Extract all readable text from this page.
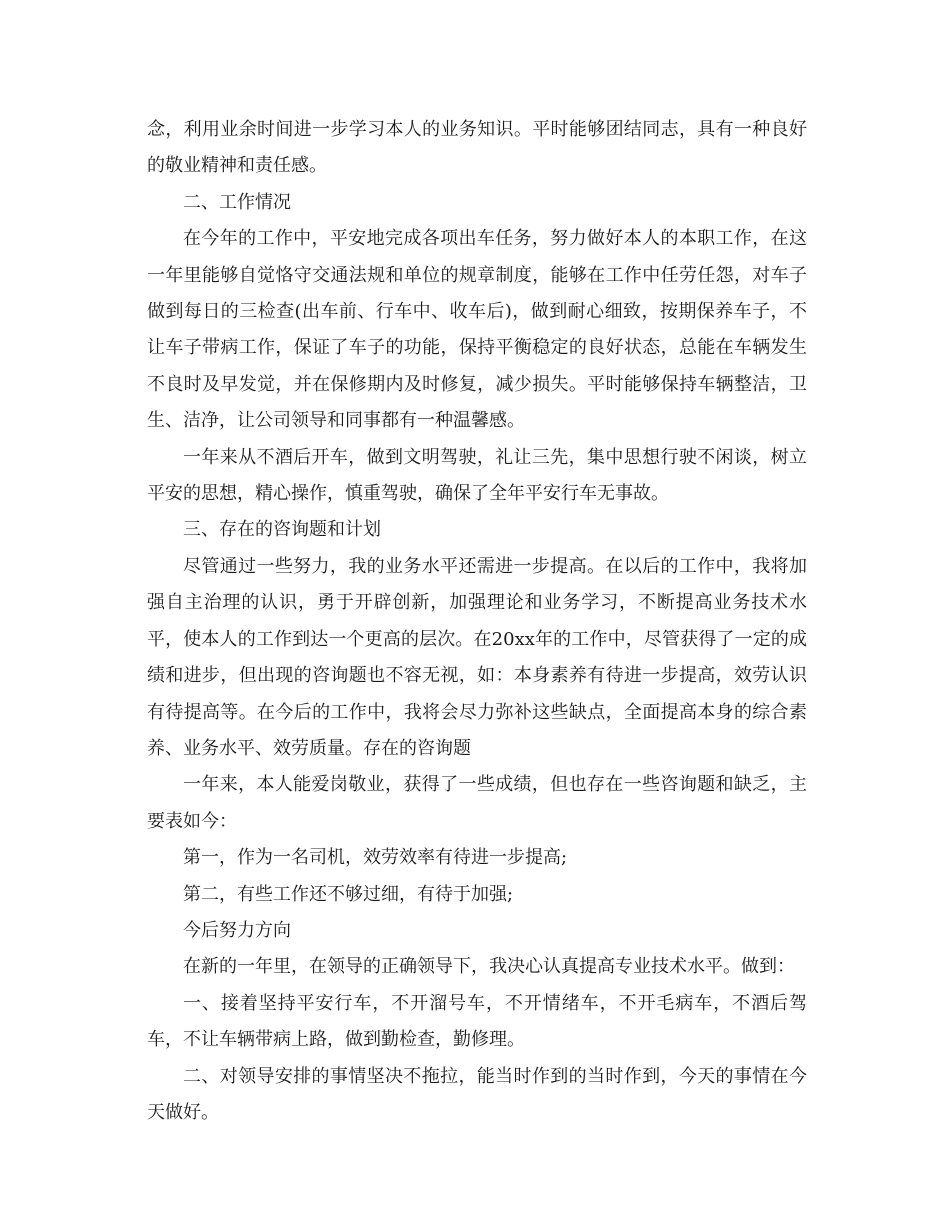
念，利用业余时间进一步学习本人的业务知识。平时能够团结同志，具有一种良好的敬业精神和责任感。

二、工作情况

在今年的工作中，平安地完成各项出车任务，努力做好本人的本职工作，在这一年里能够自觉恪守交通法规和单位的规章制度，能够在工作中任劳任怨，对车子做到每日的三检查(出车前、行车中、收车后)，做到耐心细致，按期保养车子，不让车子带病工作，保证了车子的功能，保持平衡稳定的良好状态，总能在车辆发生不良时及早发觉，并在保修期内及时修复，减少损失。平时能够保持车辆整洁，卫生、洁净，让公司领导和同事都有一种温馨感。

一年来从不酒后开车，做到文明驾驶，礼让三先，集中思想行驶不闲谈，树立平安的思想，精心操作，慎重驾驶，确保了全年平安行车无事故。

三、存在的咨询题和计划

尽管通过一些努力，我的业务水平还需进一步提高。在以后的工作中，我将加强自主治理的认识，勇于开辟创新，加强理论和业务学习，不断提高业务技术水平，使本人的工作到达一个更高的层次。在20xx年的工作中，尽管获得了一定的成绩和进步，但出现的咨询题也不容无视，如：本身素养有待进一步提高，效劳认识有待提高等。在今后的工作中，我将会尽力弥补这些缺点，全面提高本身的综合素养、业务水平、效劳质量。存在的咨询题

一年来，本人能爱岗敬业，获得了一些成绩，但也存在一些咨询题和缺乏，主要表如今：

第一，作为一名司机，效劳效率有待进一步提高;

第二，有些工作还不够过细，有待于加强;

今后努力方向

在新的一年里，在领导的正确领导下，我决心认真提高专业技术水平。做到：

一、接着坚持平安行车，不开溜号车，不开情绪车，不开毛病车，不酒后驾车，不让车辆带病上路，做到勤检查，勤修理。

二、对领导安排的事情坚决不拖拉，能当时作到的当时作到，今天的事情在今天做好。
